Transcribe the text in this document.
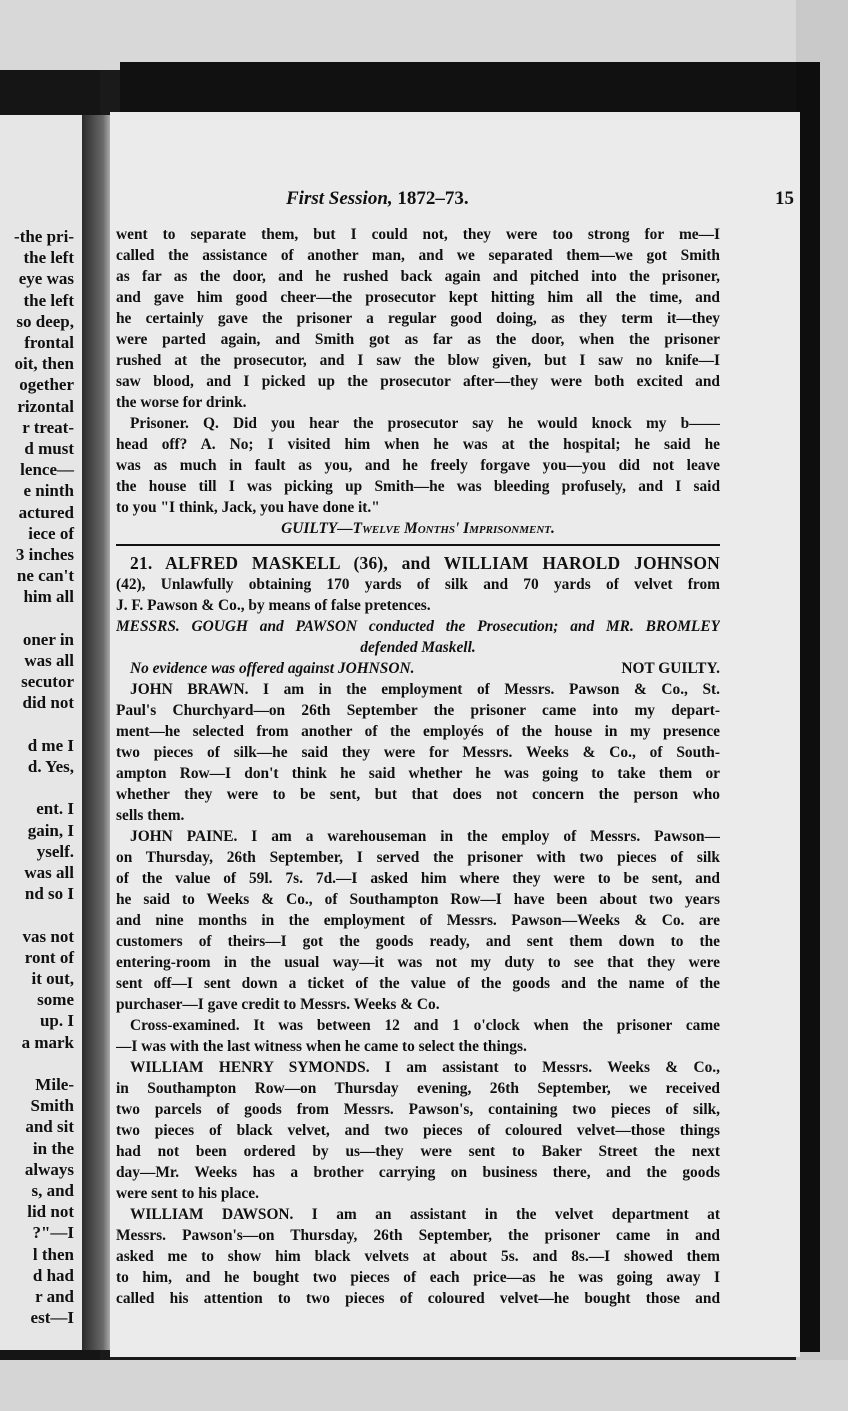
-the pri-
the left
eye was
the left
so deep,
frontal
oit, then
ogether
rizontal
r treat-
d must
lence—
e ninth
actured
iece of
3 inches
ne can't
him all
oner in
was all
secutor
did not
d me I
d. Yes,
ent. I
gain, I
yself.
was all
nd so I
vas not
ront of
it out,
some
up. I
a mark
Mile-
Smith
and sit
in the
always
s, and
lid not
?"—I
l then
d had
r and
est—I
First Session, 1872–73.	15
went to separate them, but I could not, they were too strong for me—I
called the assistance of another man, and we separated them—we got Smith
as far as the door, and he rushed back again and pitched into the prisoner,
and gave him good cheer—the prosecutor kept hitting him all the time, and
he certainly gave the prisoner a regular good doing, as they term it—they
were parted again, and Smith got as far as the door, when the prisoner
rushed at the prosecutor, and I saw the blow given, but I saw no knife—I
saw blood, and I picked up the prosecutor after—they were both excited and
the worse for drink.
Prisoner. Q. Did you hear the prosecutor say he would knock my b——
head off? A. No; I visited him when he was at the hospital; he said he
was as much in fault as you, and he freely forgave you—you did not leave
the house till I was picking up Smith—he was bleeding profusely, and I said
to you "I think, Jack, you have done it."
GUILTY—Twelve Months' Imprisonment.
21. ALFRED MASKELL (36), and WILLIAM HAROLD JOHNSON
(42), Unlawfully obtaining 170 yards of silk and 70 yards of velvet from
J. F. Pawson & Co., by means of false pretences.
MESSRS. GOUGH and PAWSON conducted the Prosecution; and MR. BROMLEY
defended Maskell.
No evidence was offered against JOHNSON.	NOT GUILTY.
JOHN BRAWN. I am in the employment of Messrs. Pawson & Co., St.
Paul's Churchyard—on 26th September the prisoner came into my depart-
ment—he selected from another of the employés of the house in my presence
two pieces of silk—he said they were for Messrs. Weeks & Co., of South-
ampton Row—I don't think he said whether he was going to take them or
whether they were to be sent, but that does not concern the person who
sells them.
JOHN PAINE. I am a warehouseman in the employ of Messrs. Pawson—
on Thursday, 26th September, I served the prisoner with two pieces of silk
of the value of 59l. 7s. 7d.—I asked him where they were to be sent, and
he said to Weeks & Co., of Southampton Row—I have been about two years
and nine months in the employment of Messrs. Pawson—Weeks & Co. are
customers of theirs—I got the goods ready, and sent them down to the
entering-room in the usual way—it was not my duty to see that they were
sent off—I sent down a ticket of the value of the goods and the name of the
purchaser—I gave credit to Messrs. Weeks & Co.
Cross-examined. It was between 12 and 1 o'clock when the prisoner came
—I was with the last witness when he came to select the things.
WILLIAM HENRY SYMONDS. I am assistant to Messrs. Weeks & Co.,
in Southampton Row—on Thursday evening, 26th September, we received
two parcels of goods from Messrs. Pawson's, containing two pieces of silk,
two pieces of black velvet, and two pieces of coloured velvet—those things
had not been ordered by us—they were sent to Baker Street the next
day—Mr. Weeks has a brother carrying on business there, and the goods
were sent to his place.
WILLIAM DAWSON. I am an assistant in the velvet department at
Messrs. Pawson's—on Thursday, 26th September, the prisoner came in and
asked me to show him black velvets at about 5s. and 8s.—I showed them
to him, and he bought two pieces of each price—as he was going away I
called his attention to two pieces of coloured velvet—he bought those and
